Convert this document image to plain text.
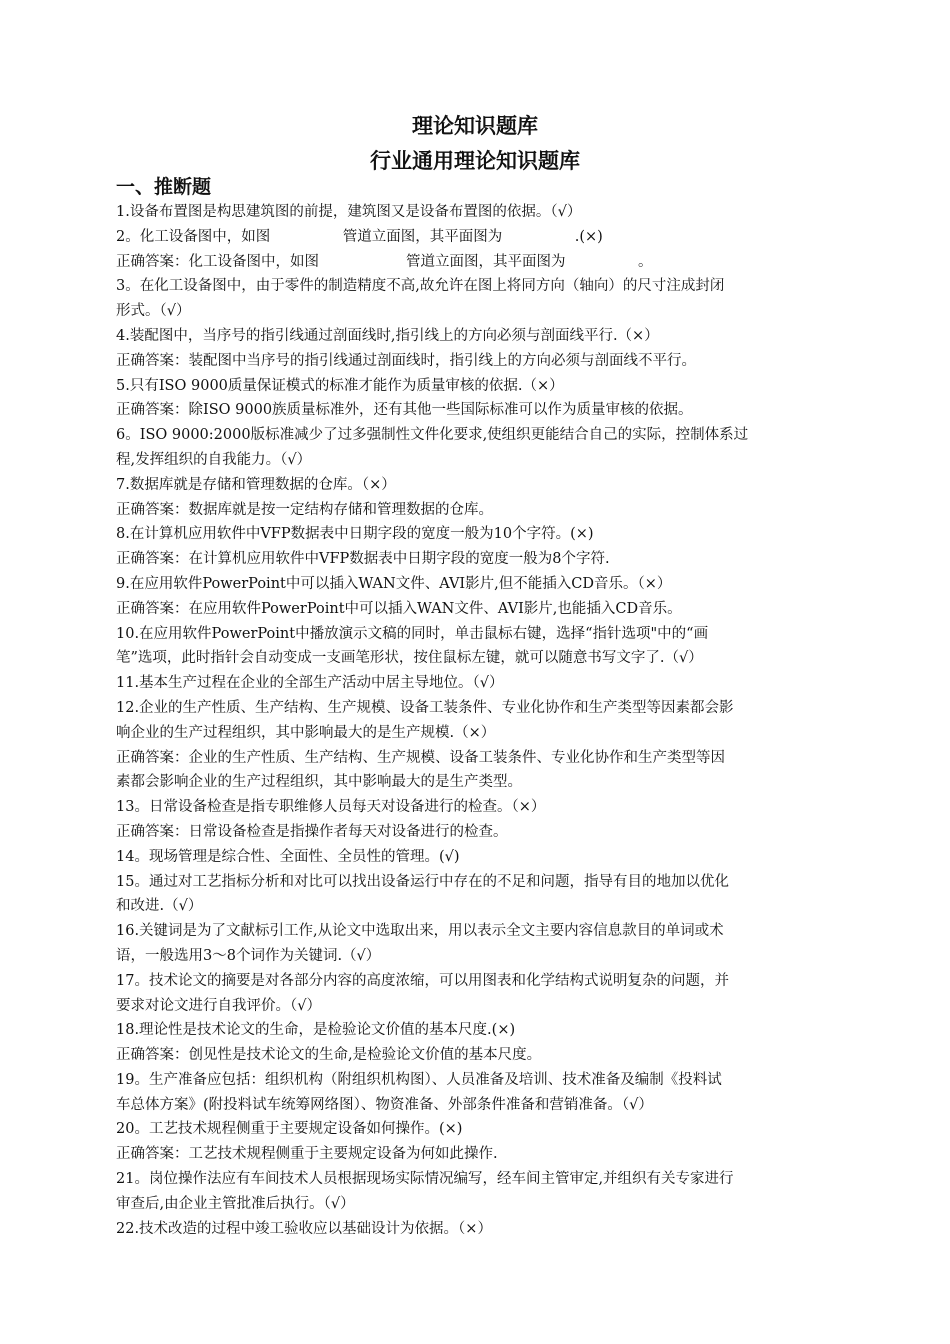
理论知识题库
行业通用理论知识题库
一、推断题
1.设备布置图是构思建筑图的前提，建筑图又是设备布置图的依据。（√）
2。化工设备图中，如图　　　　　管道立面图，其平面图为　　　　　.(×)
正确答案：化工设备图中，如图　　　　　　管道立面图，其平面图为　　　　　。
3。在化工设备图中，由于零件的制造精度不高,故允许在图上将同方向（轴向）的尺寸注成封闭
形式。（√）
4.装配图中，当序号的指引线通过剖面线时,指引线上的方向必须与剖面线平行.（×）
正确答案：装配图中当序号的指引线通过剖面线时，指引线上的方向必须与剖面线不平行。
5.只有ISO 9000质量保证模式的标准才能作为质量审核的依据.（×）
正确答案：除ISO 9000族质量标准外，还有其他一些国际标准可以作为质量审核的依据。
6。ISO 9000:2000版标准减少了过多强制性文件化要求,使组织更能结合自己的实际，控制体系过
程,发挥组织的自我能力。（√）
7.数据库就是存储和管理数据的仓库。（×）
正确答案：数据库就是按一定结构存储和管理数据的仓库。
8.在计算机应用软件中VFP数据表中日期字段的宽度一般为10个字符。(×)
正确答案：在计算机应用软件中VFP数据表中日期字段的宽度一般为8个字符.
9.在应用软件PowerPoint中可以插入WAN文件、AVI影片,但不能插入CD音乐。（×）
正确答案：在应用软件PowerPoint中可以插入WAN文件、AVI影片,也能插入CD音乐。
10.在应用软件PowerPoint中播放演示文稿的同时，单击鼠标右键，选择“指针选项"中的“画
笔”选项，此时指针会自动变成一支画笔形状，按住鼠标左键，就可以随意书写文字了.（√）
11.基本生产过程在企业的全部生产活动中居主导地位。（√）
12.企业的生产性质、生产结构、生产规模、设备工装条件、专业化协作和生产类型等因素都会影
响企业的生产过程组织，其中影响最大的是生产规模.（×）
正确答案：企业的生产性质、生产结构、生产规模、设备工装条件、专业化协作和生产类型等因
素都会影响企业的生产过程组织，其中影响最大的是生产类型。
13。日常设备检查是指专职维修人员每天对设备进行的检查。（×）
正确答案：日常设备检查是指操作者每天对设备进行的检查。
14。现场管理是综合性、全面性、全员性的管理。(√)
15。通过对工艺指标分析和对比可以找出设备运行中存在的不足和问题，指导有目的地加以优化
和改进.（√）
16.关键词是为了文献标引工作,从论文中选取出来，用以表示全文主要内容信息款目的单词或术
语，一般选用3～8个词作为关键词.（√）
17。技术论文的摘要是对各部分内容的高度浓缩，可以用图表和化学结构式说明复杂的问题，并
要求对论文进行自我评价。（√）
18.理论性是技术论文的生命，是检验论文价值的基本尺度.(×)
正确答案：创见性是技术论文的生命,是检验论文价值的基本尺度。
19。生产准备应包括：组织机构（附组织机构图）、人员准备及培训、技术准备及编制《投料试
车总体方案》(附投料试车统筹网络图）、物资准备、外部条件准备和营销准备。（√）
20。工艺技术规程侧重于主要规定设备如何操作。(×)
正确答案：工艺技术规程侧重于主要规定设备为何如此操作.
21。岗位操作法应有车间技术人员根据现场实际情况编写，经车间主管审定,并组织有关专家进行
审查后,由企业主管批准后执行。（√）
22.技术改造的过程中竣工验收应以基础设计为依据。（×）
